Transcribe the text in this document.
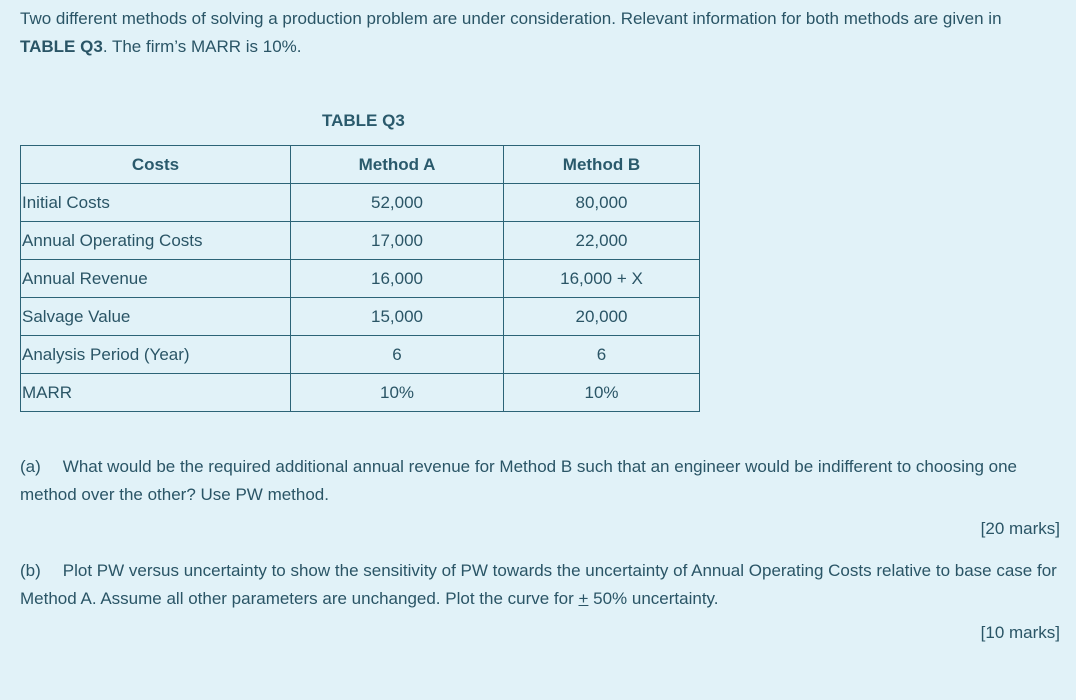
Two different methods of solving a production problem are under consideration. Relevant information for both methods are given in TABLE Q3. The firm’s MARR is 10%.

TABLE Q3
Costs	Method A	Method B
Initial Costs	52,000	80,000
Annual Operating Costs	17,000	22,000
Annual Revenue	16,000	16,000 + X
Salvage Value	15,000	20,000
Analysis Period (Year)	6	6
MARR	10%	10%
(a) What would be the required additional annual revenue for Method B such that an engineer would be indifferent to choosing one method over the other? Use PW method.
[20 marks]
(b) Plot PW versus uncertainty to show the sensitivity of PW towards the uncertainty of Annual Operating Costs relative to base case for Method A. Assume all other parameters are unchanged. Plot the curve for + 50% uncertainty.
[10 marks]
